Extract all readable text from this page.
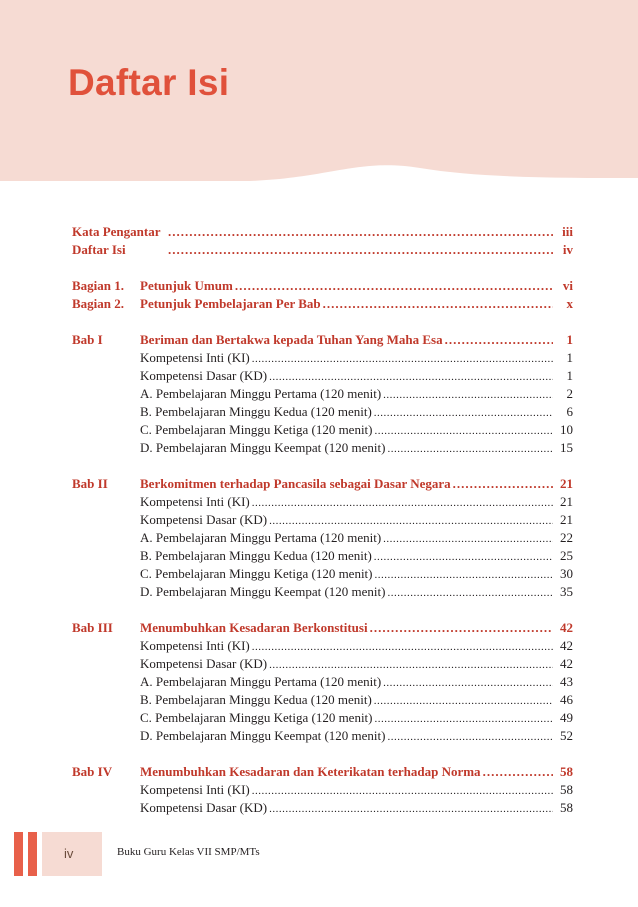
Daftar Isi
Kata Pengantar .....	iii
Daftar Isi .....	iv
Bagian 1.	Petunjuk Umum .....	vi
Bagian 2.	Petunjuk Pembelajaran Per Bab .....	x
Bab I	Beriman dan Bertakwa kepada Tuhan Yang Maha Esa .....	1
Kompetensi Inti (KI) .....	1
Kompetensi Dasar (KD) .....	1
A. Pembelajaran Minggu Pertama (120 menit) .....	2
B. Pembelajaran Minggu Kedua (120 menit) .....	6
C. Pembelajaran Minggu Ketiga (120 menit) .....	10
D. Pembelajaran Minggu Keempat (120 menit) .....	15
Bab II	Berkomitmen terhadap Pancasila sebagai Dasar Negara .....	21
Kompetensi Inti (KI) .....	21
Kompetensi Dasar (KD) .....	21
A. Pembelajaran Minggu Pertama (120 menit) .....	22
B. Pembelajaran Minggu Kedua (120 menit) .....	25
C. Pembelajaran Minggu Ketiga (120 menit) .....	30
D. Pembelajaran Minggu Keempat (120 menit) .....	35
Bab III	Menumbuhkan Kesadaran Berkonstitusi .....	42
Kompetensi Inti (KI) .....	42
Kompetensi Dasar (KD) .....	42
A. Pembelajaran Minggu Pertama (120 menit) .....	43
B. Pembelajaran Minggu Kedua (120 menit) .....	46
C. Pembelajaran Minggu Ketiga (120 menit) .....	49
D. Pembelajaran Minggu Keempat (120 menit) .....	52
Bab IV	Menumbuhkan Kesadaran dan Keterikatan terhadap Norma .....	58
Kompetensi Inti (KI) .....	58
Kompetensi Dasar (KD) .....	58
iv	Buku Guru Kelas VII SMP/MTs
